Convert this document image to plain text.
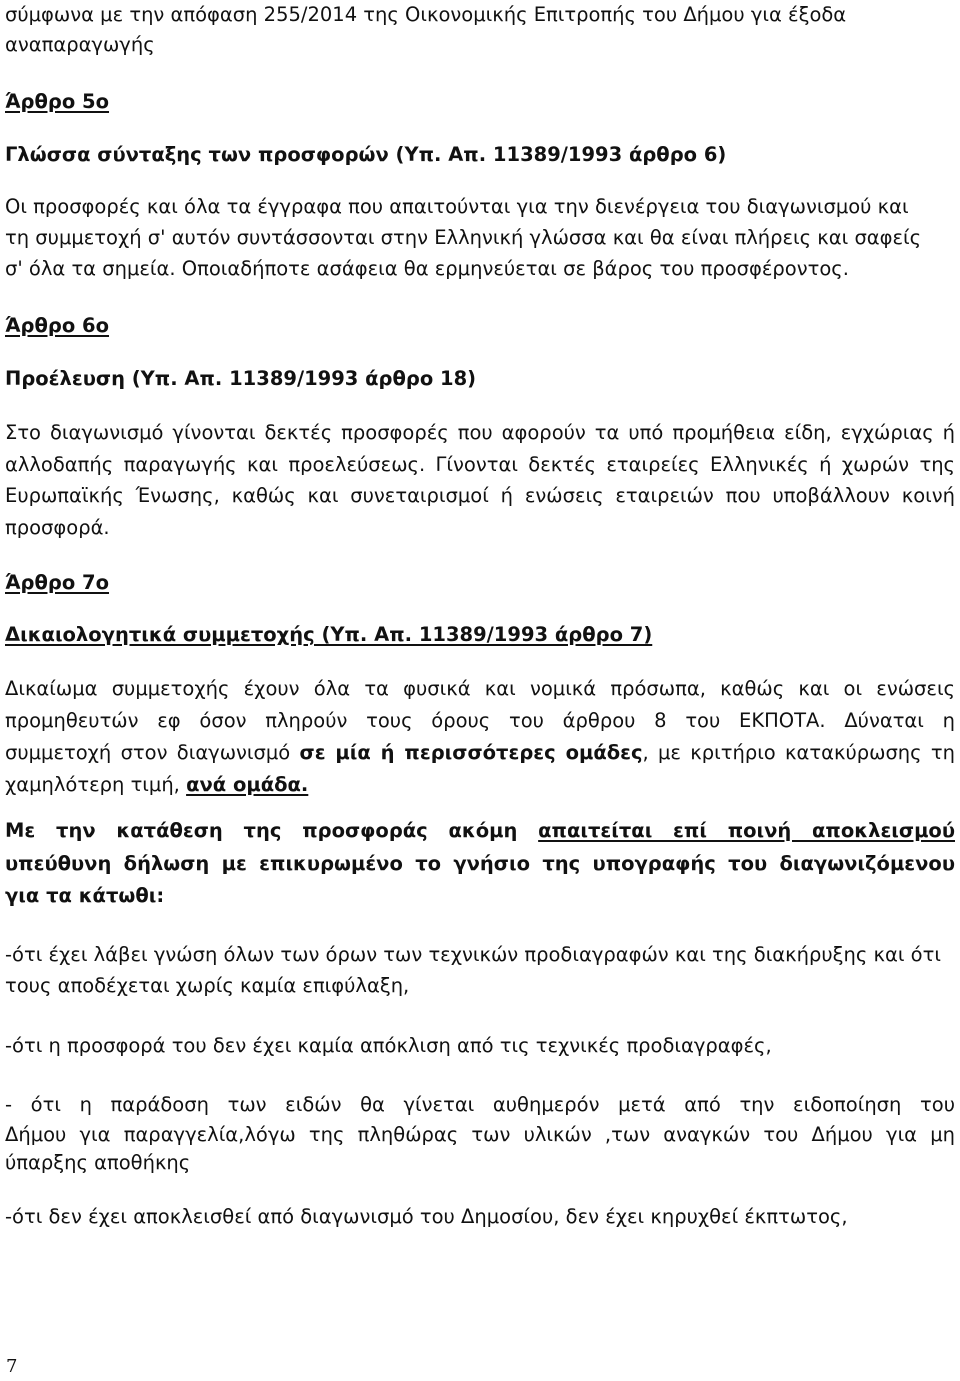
σύμφωνα με την απόφαση 255/2014 της Οικονομικής Επιτροπής του Δήμου για έξοδα

αναπαραγωγής

Άρθρο 5ο

Γλώσσα σύνταξης των προσφορών (Υπ. Απ. 11389/1993 άρθρο 6)

Οι προσφορές και όλα τα έγγραφα που απαιτούνται για την διενέργεια του διαγωνισμού και

τη συμμετοχή σ' αυτόν συντάσσονται στην Ελληνική γλώσσα και θα είναι πλήρεις και σαφείς

σ' όλα τα σημεία. Οποιαδήποτε ασάφεια θα ερμηνεύεται σε βάρος του προσφέροντος.

Άρθρο 6ο

Προέλευση (Υπ. Απ. 11389/1993 άρθρο 18)

Στο διαγωνισμό γίνονται δεκτές προσφορές που αφορούν τα υπό προμήθεια είδη, εγχώριας ή

αλλοδαπής παραγωγής και προελεύσεως. Γίνονται δεκτές εταιρείες Ελληνικές ή χωρών της

Ευρωπαϊκής Ένωσης, καθώς και συνεταιρισμοί ή ενώσεις εταιρειών που υποβάλλουν κοινή

προσφορά.

Άρθρο 7ο

Δικαιολογητικά συμμετοχής (Υπ. Απ. 11389/1993 άρθρο 7)

Δικαίωμα συμμετοχής έχουν όλα τα φυσικά και νομικά πρόσωπα, καθώς και οι ενώσεις

προμηθευτών εφ όσον πληρούν τους όρους του άρθρου 8 του ΕΚΠΟΤΑ. Δύναται η

συμμετοχή στον διαγωνισμό σε μία ή περισσότερες ομάδες, με κριτήριο κατακύρωσης τη

χαμηλότερη τιμή, ανά ομάδα.

Με την κατάθεση της προσφοράς ακόμη απαιτείται επί ποινή αποκλεισμού

υπεύθυνη δήλωση με επικυρωμένο το γνήσιο της υπογραφής του διαγωνιζόμενου

για τα κάτωθι:

-ότι έχει λάβει γνώση όλων των όρων των τεχνικών προδιαγραφών και της διακήρυξης και ότι

τους αποδέχεται χωρίς καμία επιφύλαξη,

-ότι η προσφορά του δεν έχει καμία απόκλιση από τις τεχνικές προδιαγραφές,

- ότι η παράδοση των ειδών θα γίνεται αυθημερόν μετά από την ειδοποίηση του

Δήμου για παραγγελία,λόγω της πληθώρας των υλικών ,των αναγκών του Δήμου για μη

ύπαρξης αποθήκης

-ότι δεν έχει αποκλεισθεί από διαγωνισμό του Δημοσίου, δεν έχει κηρυχθεί έκπτωτος,

7
